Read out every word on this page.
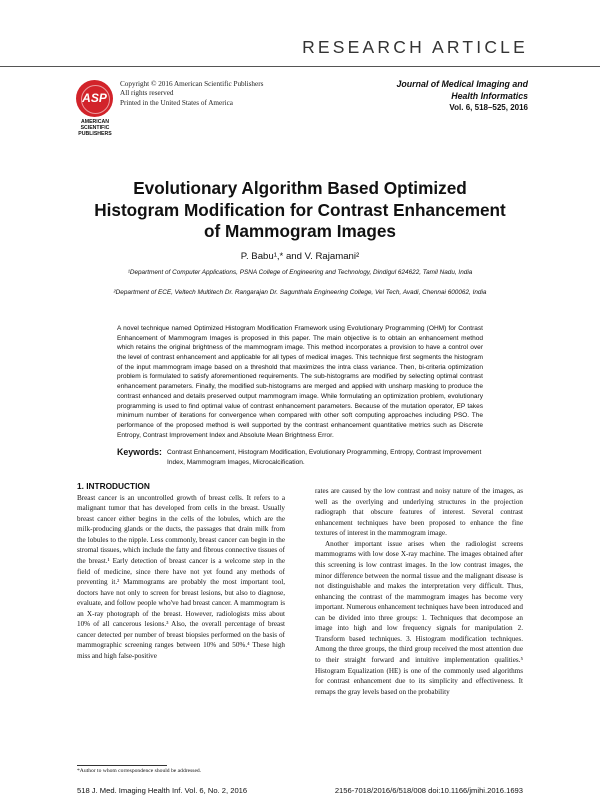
RESEARCH ARTICLE
ASP
AMERICAN SCIENTIFIC PUBLISHERS
Copyright © 2016 American Scientific Publishers
All rights reserved
Printed in the United States of America
Journal of Medical Imaging and
Health Informatics
Vol. 6, 518–525, 2016
Evolutionary Algorithm Based Optimized Histogram Modification for Contrast Enhancement of Mammogram Images
P. Babu¹,* and V. Rajamani²
¹Department of Computer Applications, PSNA College of Engineering and Technology, Dindigul 624622, Tamil Nadu, India
²Department of ECE, Veltech Multitech Dr. Rangarajan Dr. Sagunthala Engineering College, Vel Tech, Avadi, Chennai 600062, India
A novel technique named Optimized Histogram Modification Framework using Evolutionary Programming (OHM) for Contrast Enhancement of Mammogram Images is proposed in this paper. The main objective is to obtain an enhancement method which retains the original brightness of the mammogram image. This method incorporates a provision to have a control over the level of contrast enhancement and applicable for all types of medical images. This technique first segments the histogram of the input mammogram image based on a threshold that maximizes the intra class variance. Then, bi-criteria optimization problem is formulated to satisfy aforementioned requirements. The sub-histograms are modified by selecting optimal contrast enhancement parameters. Finally, the modified sub-histograms are merged and applied with unsharp masking to produce the contrast enhanced and details preserved output mammogram image. While formulating an optimization problem, evolutionary programming is used to find optimal value of contrast enhancement parameters. Because of the mutation operator, EP takes minimum number of iterations for convergence when compared with other soft computing approaches including PSO. The performance of the proposed method is well supported by the contrast enhancement quantitative metrics such as Discrete Entropy, Contrast Improvement Index and Absolute Mean Brightness Error.
Keywords: Contrast Enhancement, Histogram Modification, Evolutionary Programming, Entropy, Contrast Improvement Index, Mammogram Images, Microcalcification.
1. INTRODUCTION

Breast cancer is an uncontrolled growth of breast cells. It refers to a malignant tumor that has developed from cells in the breast. Usually breast cancer either begins in the cells of the lobules, which are the milk-producing glands or the ducts, the passages that drain milk from the lobules to the nipple. Less commonly, breast cancer can begin in the stromal tissues, which include the fatty and fibrous connective tissues of the breast.¹ Early detection of breast cancer is a welcome step in the field of medicine, since there have not yet found any methods of preventing it.² Mammograms are probably the most important tool, doctors have not only to screen for breast lesions, but also to diagnose, evaluate, and follow people who've had breast cancer. A mammogram is an X-ray photograph of the breast. However, radiologists miss about 10% of all cancerous lesions.³ Also, the overall percentage of breast cancer detected per number of breast biopsies performed on the basis of mammographic screening ranges between 10% and 50%.⁴ These high miss and high false-positive

rates are caused by the low contrast and noisy nature of the images, as well as the overlying and underlying structures in the projection radiograph that obscure features of interest. Several contrast enhancement techniques have been proposed to enhance the fine textures of interest in the mammogram image.

Another important issue arises when the radiologist screens mammograms with low dose X-ray machine. The images obtained after this screening is low contrast images. In the low contrast images, the minor difference between the normal tissue and the malignant disease is not distinguishable and makes the interpretation very difficult. Thus, enhancing the contrast of the mammogram images has become very important. Numerous enhancement techniques have been introduced and can be divided into three groups: 1. Techniques that decompose an image into high and low frequency signals for manipulation 2. Transform based techniques. 3. Histogram modification techniques. Among the three groups, the third group received the most attention due to their straight forward and intuitive implementation qualities.⁵ Histogram Equalization (HE) is one of the commonly used algorithms for contrast enhancement due to its simplicity and effectiveness. It remaps the gray levels based on the probability

*Author to whom correspondence should be addressed.
518 J. Med. Imaging Health Inf. Vol. 6, No. 2, 2016	2156-7018/2016/6/518/008 doi:10.1166/jmihi.2016.1693
